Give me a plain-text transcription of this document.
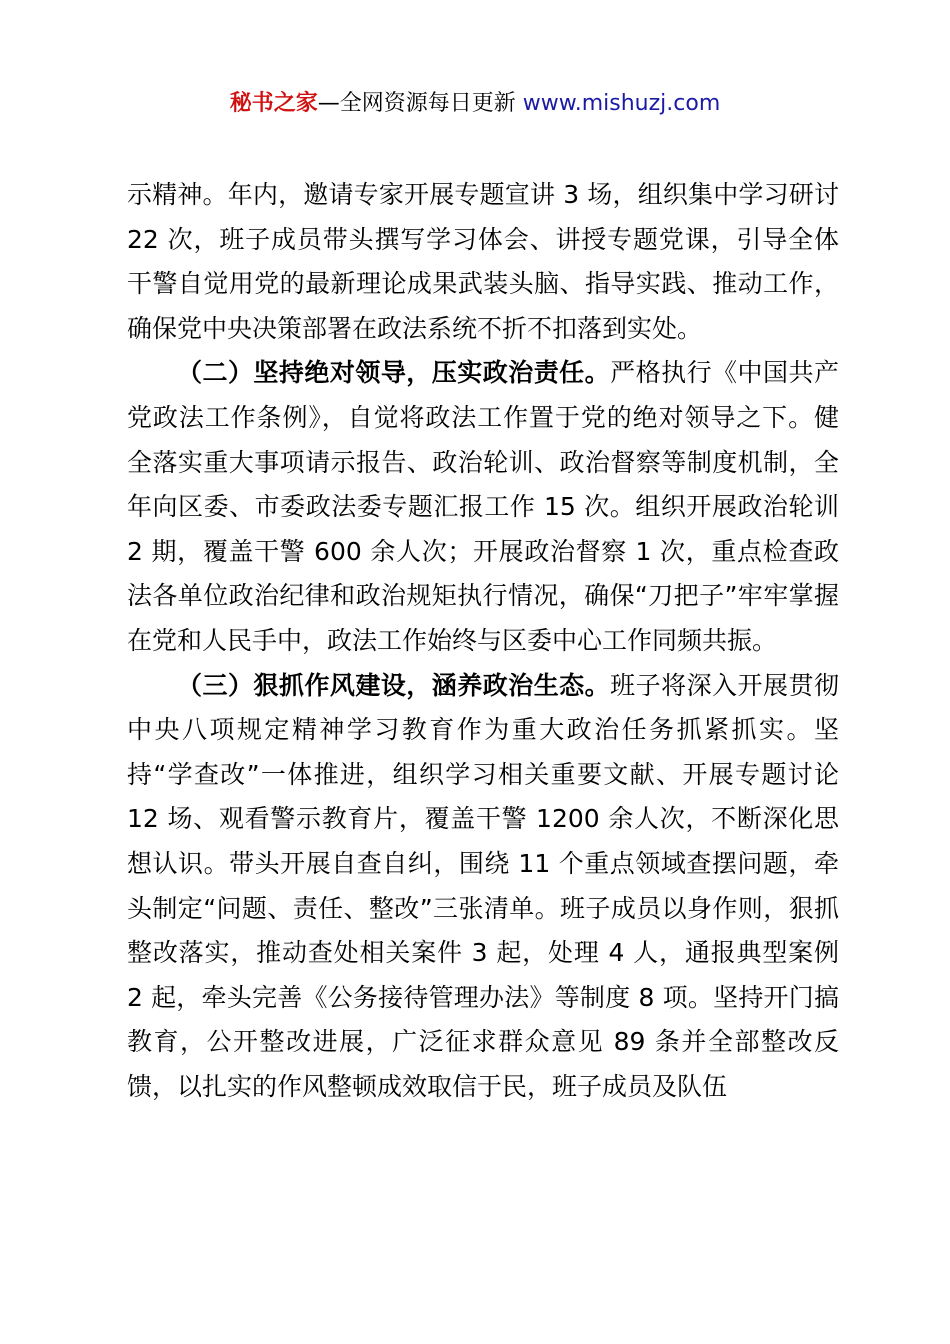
秘书之家—全网资源每日更新 www.mishuzj.com

示精神。年内，邀请专家开展专题宣讲 3 场，组织集中学习研讨 22 次，班子成员带头撰写学习体会、讲授专题党课，引导全体干警自觉用党的最新理论成果武装头脑、指导实践、推动工作，确保党中央决策部署在政法系统不折不扣落到实处。

（二）坚持绝对领导，压实政治责任。严格执行《中国共产党政法工作条例》，自觉将政法工作置于党的绝对领导之下。健全落实重大事项请示报告、政治轮训、政治督察等制度机制，全年向区委、市委政法委专题汇报工作 15 次。组织开展政治轮训 2 期，覆盖干警 600 余人次；开展政治督察 1 次，重点检查政法各单位政治纪律和政治规矩执行情况，确保“刀把子”牢牢掌握在党和人民手中，政法工作始终与区委中心工作同频共振。

（三）狠抓作风建设，涵养政治生态。班子将深入开展贯彻中央八项规定精神学习教育作为重大政治任务抓紧抓实。坚持“学查改”一体推进，组织学习相关重要文献、开展专题讨论 12 场、观看警示教育片，覆盖干警 1200 余人次，不断深化思想认识。带头开展自查自纠，围绕 11 个重点领域查摆问题，牵头制定“问题、责任、整改”三张清单。班子成员以身作则，狠抓整改落实，推动查处相关案件 3 起，处理 4 人，通报典型案例 2 起，牵头完善《公务接待管理办法》等制度 8 项。坚持开门搞教育，公开整改进展，广泛征求群众意见 89 条并全部整改反馈，以扎实的作风整顿成效取信于民，班子成员及队伍
